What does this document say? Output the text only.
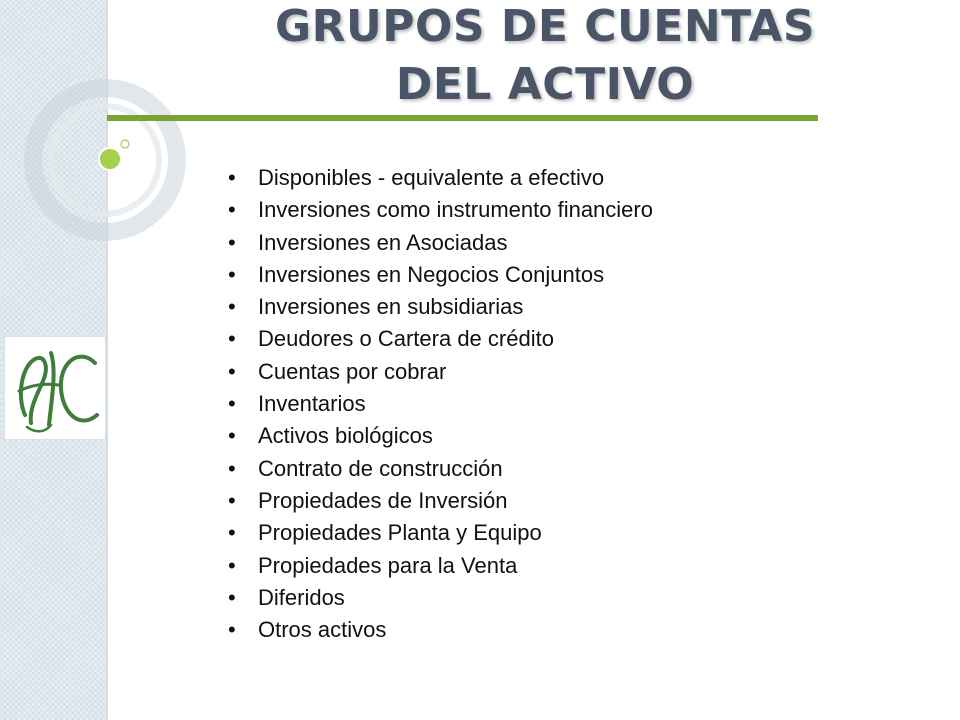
GRUPOS DE CUENTAS
DEL ACTIVO
• Disponibles - equivalente a efectivo
• Inversiones como instrumento financiero
• Inversiones en Asociadas
• Inversiones en Negocios Conjuntos
• Inversiones en subsidiarias
• Deudores o Cartera de crédito
• Cuentas por cobrar
• Inventarios
• Activos biológicos
• Contrato de construcción
• Propiedades de Inversión
• Propiedades Planta y Equipo
• Propiedades para la Venta
• Diferidos
• Otros activos
